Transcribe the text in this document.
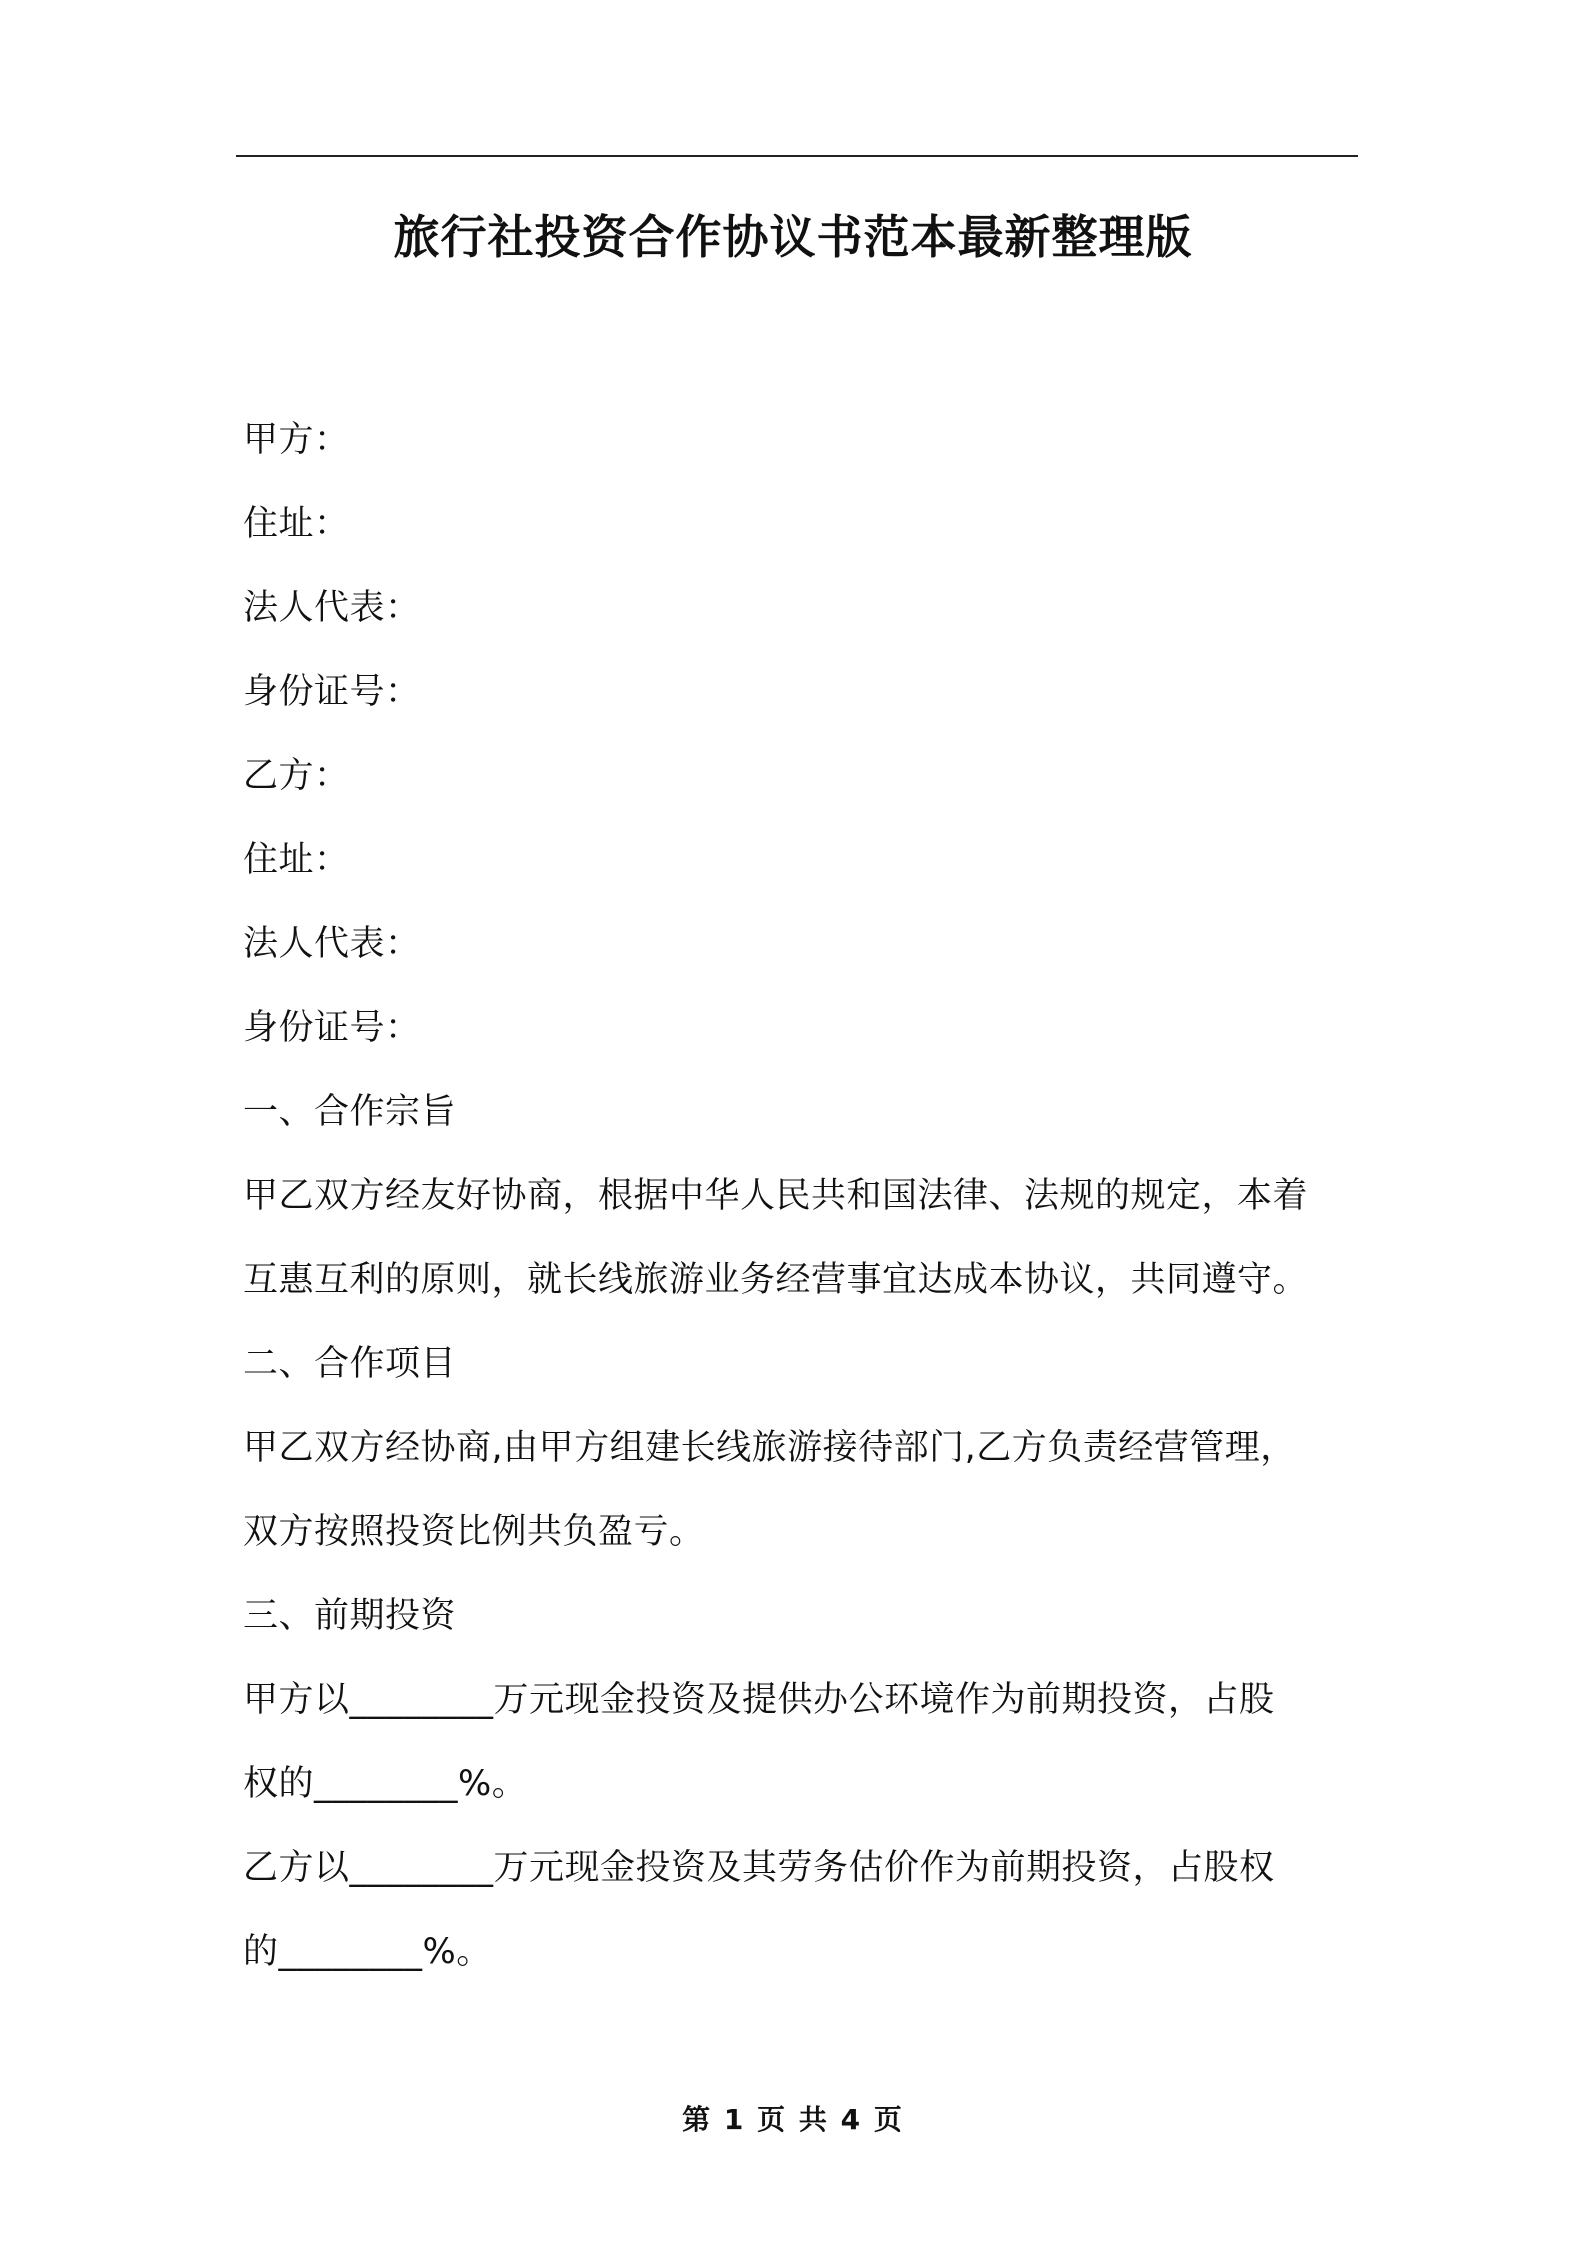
旅行社投资合作协议书范本最新整理版
甲方：
住址：
法人代表：
身份证号：
乙方：
住址：
法人代表：
身份证号：
一、合作宗旨
甲乙双方经友好协商，根据中华人民共和国法律、法规的规定，本着
互惠互利的原则，就长线旅游业务经营事宜达成本协议，共同遵守。
二、合作项目
甲乙双方经协商,由甲方组建长线旅游接待部门,乙方负责经营管理，
双方按照投资比例共负盈亏。
三、前期投资
甲方以________万元现金投资及提供办公环境作为前期投资，占股
权的________%。
乙方以________万元现金投资及其劳务估价作为前期投资，占股权
的________%。
第 1 页 共 4 页
